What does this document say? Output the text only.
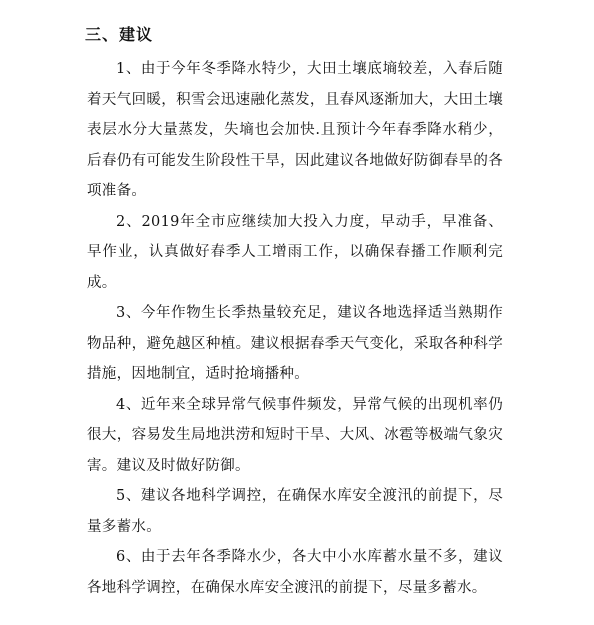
三、建议

1、由于今年冬季降水特少，大田土壤底墒较差，入春后随着天气回暖，积雪会迅速融化蒸发，且春风逐渐加大，大田土壤表层水分大量蒸发，失墒也会加快.且预计今年春季降水稍少，后春仍有可能发生阶段性干旱，因此建议各地做好防御春旱的各项准备。

2、2019年全市应继续加大投入力度，早动手，早准备、早作业，认真做好春季人工增雨工作，以确保春播工作顺利完成。

3、今年作物生长季热量较充足，建议各地选择适当熟期作物品种，避免越区种植。建议根据春季天气变化，采取各种科学措施，因地制宜，适时抢墒播种。

4、近年来全球异常气候事件频发，异常气候的出现机率仍很大，容易发生局地洪涝和短时干旱、大风、冰雹等极端气象灾害。建议及时做好防御。

5、建议各地科学调控，在确保水库安全渡汛的前提下，尽量多蓄水。

6、由于去年各季降水少，各大中小水库蓄水量不多，建议各地科学调控，在确保水库安全渡汛的前提下，尽量多蓄水。
